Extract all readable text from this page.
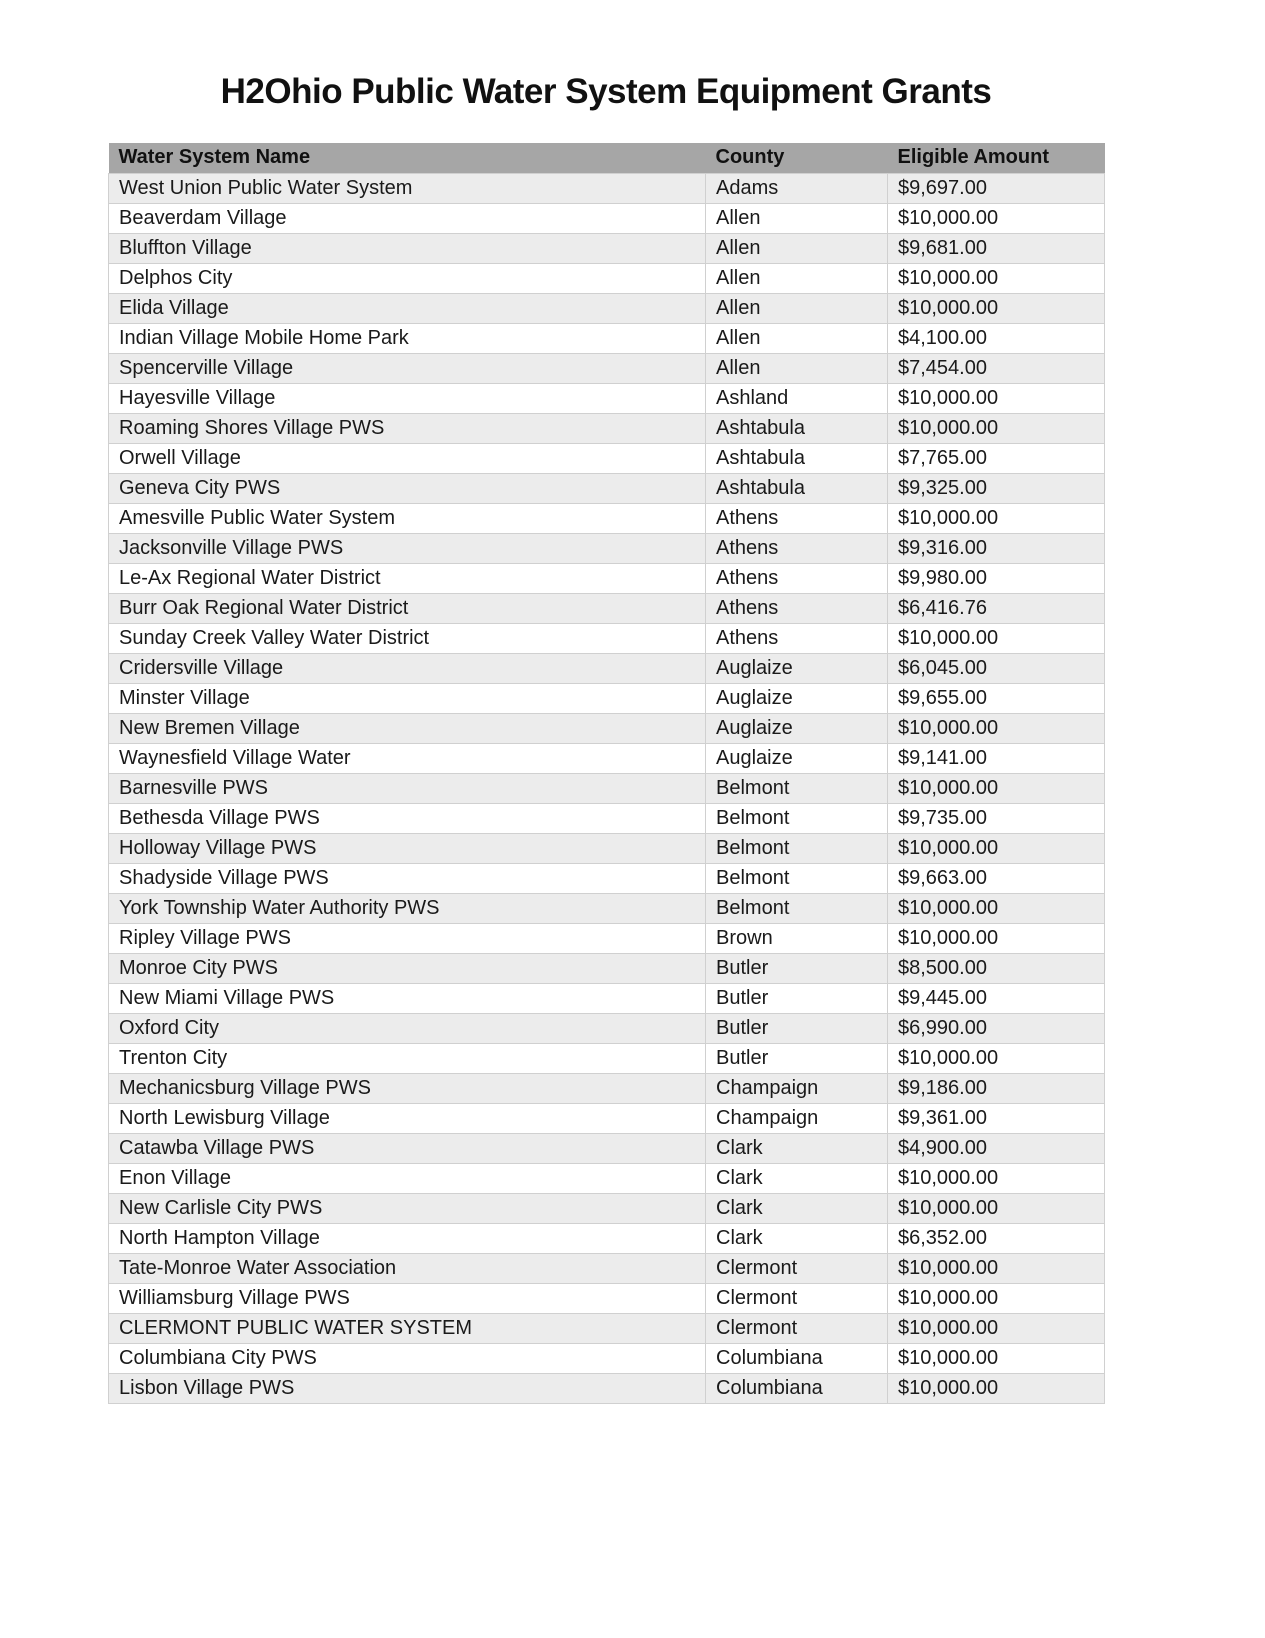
H2Ohio Public Water System Equipment Grants
Water System Name	County	Eligible Amount
West Union Public Water System	Adams	$9,697.00
Beaverdam Village	Allen	$10,000.00
Bluffton Village	Allen	$9,681.00
Delphos City	Allen	$10,000.00
Elida Village	Allen	$10,000.00
Indian Village Mobile Home Park	Allen	$4,100.00
Spencerville Village	Allen	$7,454.00
Hayesville Village	Ashland	$10,000.00
Roaming Shores Village PWS	Ashtabula	$10,000.00
Orwell Village	Ashtabula	$7,765.00
Geneva City PWS	Ashtabula	$9,325.00
Amesville Public Water System	Athens	$10,000.00
Jacksonville Village PWS	Athens	$9,316.00
Le-Ax Regional Water District	Athens	$9,980.00
Burr Oak Regional Water District	Athens	$6,416.76
Sunday Creek Valley Water District	Athens	$10,000.00
Cridersville Village	Auglaize	$6,045.00
Minster Village	Auglaize	$9,655.00
New Bremen Village	Auglaize	$10,000.00
Waynesfield Village Water	Auglaize	$9,141.00
Barnesville PWS	Belmont	$10,000.00
Bethesda Village PWS	Belmont	$9,735.00
Holloway Village PWS	Belmont	$10,000.00
Shadyside Village PWS	Belmont	$9,663.00
York Township Water Authority PWS	Belmont	$10,000.00
Ripley Village PWS	Brown	$10,000.00
Monroe City PWS	Butler	$8,500.00
New Miami Village PWS	Butler	$9,445.00
Oxford City	Butler	$6,990.00
Trenton City	Butler	$10,000.00
Mechanicsburg Village PWS	Champaign	$9,186.00
North Lewisburg Village	Champaign	$9,361.00
Catawba Village PWS	Clark	$4,900.00
Enon Village	Clark	$10,000.00
New Carlisle City PWS	Clark	$10,000.00
North Hampton Village	Clark	$6,352.00
Tate-Monroe Water Association	Clermont	$10,000.00
Williamsburg Village PWS	Clermont	$10,000.00
CLERMONT PUBLIC WATER SYSTEM	Clermont	$10,000.00
Columbiana City PWS	Columbiana	$10,000.00
Lisbon Village PWS	Columbiana	$10,000.00
